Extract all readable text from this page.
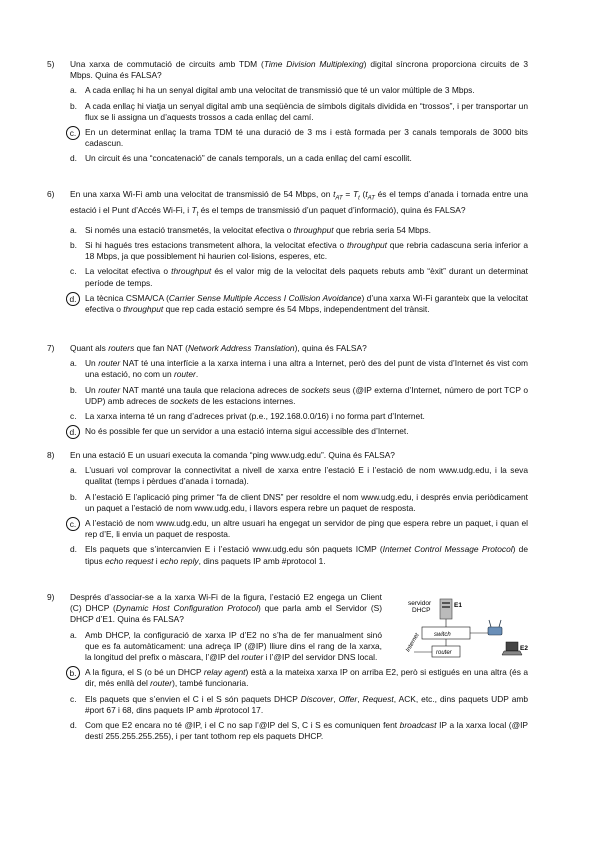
5) Una xarxa de commutació de circuits amb TDM (Time Division Multiplexing) digital síncrona proporciona circuits de 3 Mbps. Quina és FALSA?
a. A cada enllaç hi ha un senyal digital amb una velocitat de transmissió que té un valor múltiple de 3 Mbps.
b. A cada enllaç hi viatja un senyal digital amb una seqüència de símbols digitals dividida en “trossos”, i per transportar un flux se li assigna un d’aquests trossos a cada enllaç del camí.
c.	En un determinat enllaç la trama TDM té una duració de 3 ms i està formada per 3 canals temporals de 3000 bits cadascun.
d. Un circuit és una “concatenació” de canals temporals, un a cada enllaç del camí escollit.
6) En una xarxa Wi-Fi amb una velocitat de transmissió de 54 Mbps, on $t_{AT} = T_t$ ($t_{AT}$ és el temps d’anada i tornada entre una estació i el Punt d’Accés Wi-Fi, i $T_t$ és el temps de transmissió d’un paquet d’informació), quina és FALSA?
a. Si només una estació transmetés, la velocitat efectiva o throughput que rebria seria 54 Mbps.
b. Si hi hagués tres estacions transmetent alhora, la velocitat efectiva o throughput que rebria cadascuna seria inferior a 18 Mbps, ja que possiblement hi haurien col·lisions, esperes, etc.
c. La velocitat efectiva o throughput és el valor mig de la velocitat dels paquets rebuts amb “èxit” durant un determinat període de temps.
d.	La tècnica CSMA/CA (Carrier Sense Multiple Access I Collision Avoidance) d’una xarxa Wi-Fi garanteix que la velocitat efectiva o throughput que rep cada estació sempre és 54 Mbps, independentment del trànsit.
7) Quant als routers que fan NAT (Network Address Translation), quina és FALSA?
a. Un router NAT té una interfície a la xarxa interna i una altra a Internet, però des del punt de vista d’Internet és vist com una estació, no com un router.
b. Un router NAT manté una taula que relaciona adreces de sockets seus (@IP externa d’Internet, número de port TCP o UDP) amb adreces de sockets de les estacions internes.
c. La xarxa interna té un rang d’adreces privat (p.e., 192.168.0.0/16) i no forma part d’Internet.
d.	No és possible fer que un servidor a una estació interna sigui accessible des d’Internet.
8) En una estació E un usuari executa la comanda “ping www.udg.edu”. Quina és FALSA?
a. L’usuari vol comprovar la connectivitat a nivell de xarxa entre l’estació E i l’estació de nom www.udg.edu, i la seva qualitat (temps i pèrdues d’anada i tornada).
b. A l’estació E l’aplicació ping primer “fa de client DNS” per resoldre el nom www.udg.edu, i després envia periòdicament un paquet a l’estació de nom www.udg.edu, i llavors espera rebre un paquet de resposta.
c.	A l’estació de nom www.udg.edu, un altre usuari ha engegat un servidor de ping que espera rebre un paquet, i quan el rep d’E, li envia un paquet de resposta.
d. Els paquets que s’intercanvien E i l’estació www.udg.edu són paquets ICMP (Internet Control Message Protocol) de tipus echo request i echo reply, dins paquets IP amb #protocol 1.
9) Després d’associar-se a la xarxa Wi-Fi de la figura, l’estació E2 engega un Client (C) DHCP (Dynamic Host Configuration Protocol) que parla amb el Servidor (S) DHCP d’E1. Quina és FALSA?
a. Amb DHCP, la configuració de xarxa IP d’E2 no s’ha de fer manualment sinó que es fa automàticament: una adreça IP (@IP) lliure dins el rang de la xarxa, la longitud del prefix o màscara, l’@IP del router i l’@IP del servidor DNS local.
b.	A la figura, el S (o bé un DHCP relay agent) està a la mateixa xarxa IP on arriba E2, però si estigués en una altra (és a dir, més enllà del router), també funcionaria.
c. Els paquets que s’envien el C i el S són paquets DHCP Discover, Offer, Request, ACK, etc., dins paquets UDP amb #port 67 i 68, dins paquets IP amb #protocol 17.
d. Com que E2 encara no té @IP, i el C no sap l’@IP del S, C i S es comuniquen fent broadcast IP a la xarxa local (@IP destí 255.255.255.255), i per tant tothom rep els paquets DHCP.
servidor
DHCP
E1
switch
router
Internet	E2
